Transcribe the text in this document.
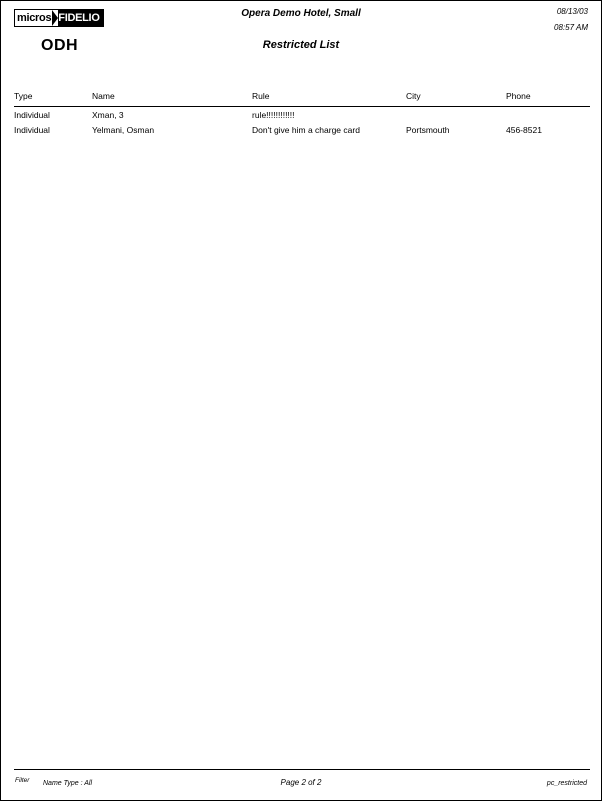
micros FIDELIO
ODH
Opera Demo Hotel, Small
Restricted List
08/13/03
08:57 AM
Type	Name	Rule	City	Phone
Individual	Xman, 3	rule!!!!!!!!!!!!
Individual	Yelmani, Osman	Don't give him a charge card	Portsmouth	456-8521
Filter Name Type : All	Page 2 of 2	pc_restricted
